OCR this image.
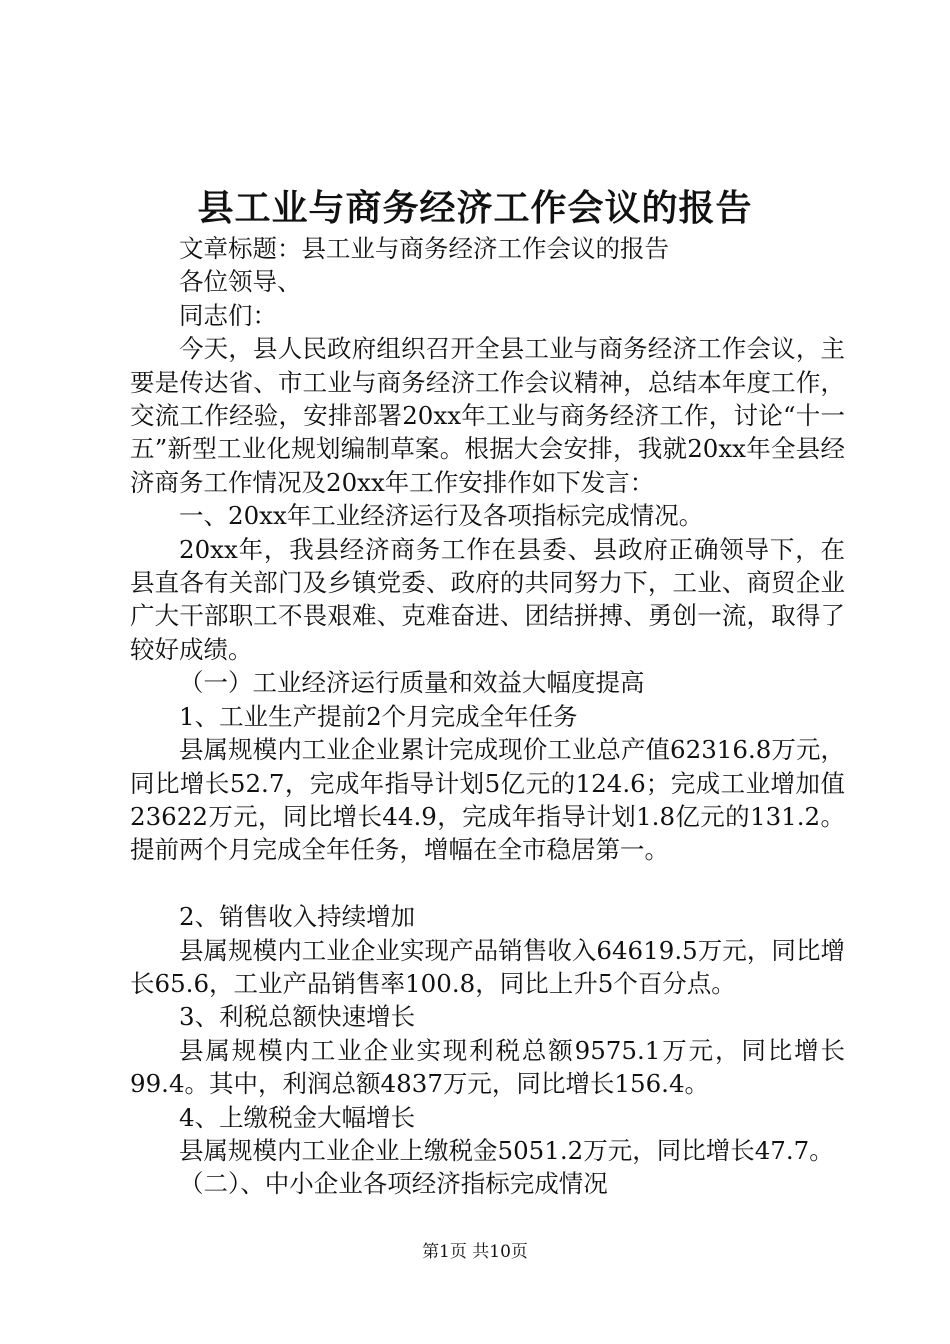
县工业与商务经济工作会议的报告

文章标题：县工业与商务经济工作会议的报告

各位领导、

同志们：

今天，县人民政府组织召开全县工业与商务经济工作会议，主要是传达省、市工业与商务经济工作会议精神，总结本年度工作，交流工作经验，安排部署20xx年工业与商务经济工作，讨论“十一五”新型工业化规划编制草案。根据大会安排，我就20xx年全县经济商务工作情况及20xx年工作安排作如下发言：

一、20xx年工业经济运行及各项指标完成情况。

20xx年，我县经济商务工作在县委、县政府正确领导下，在县直各有关部门及乡镇党委、政府的共同努力下，工业、商贸企业广大干部职工不畏艰难、克难奋进、团结拼搏、勇创一流，取得了较好成绩。

（一）工业经济运行质量和效益大幅度提高

1、工业生产提前2个月完成全年任务

县属规模内工业企业累计完成现价工业总产值62316.8万元，同比增长52.7，完成年指导计划5亿元的124.6；完成工业增加值23622万元，同比增长44.9，完成年指导计划1.8亿元的131.2。提前两个月完成全年任务，增幅在全市稳居第一。

2、销售收入持续增加

县属规模内工业企业实现产品销售收入64619.5万元，同比增长65.6，工业产品销售率100.8，同比上升5个百分点。

3、利税总额快速增长

县属规模内工业企业实现利税总额9575.1万元，同比增长99.4。其中，利润总额4837万元，同比增长156.4。

4、上缴税金大幅增长

县属规模内工业企业上缴税金5051.2万元，同比增长47.7。

（二）、中小企业各项经济指标完成情况

第1页 共10页
